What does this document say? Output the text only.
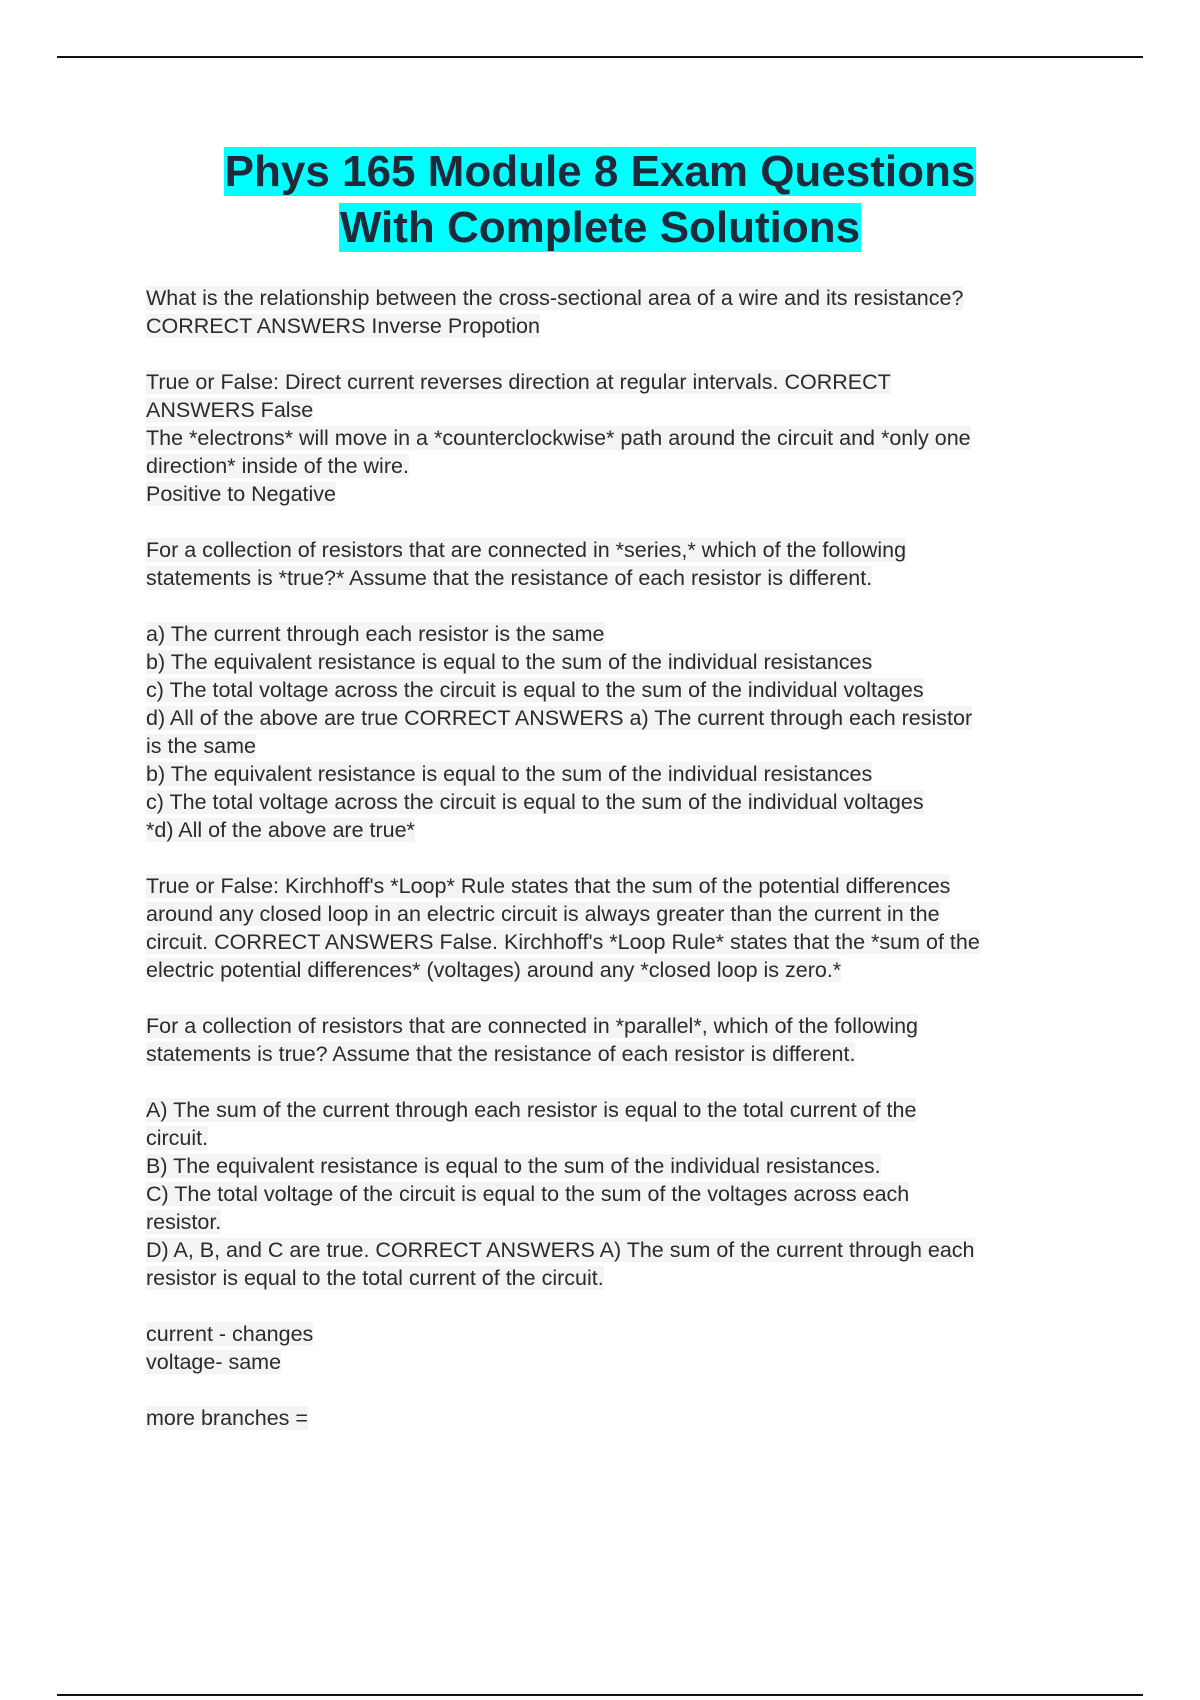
Phys 165 Module 8 Exam Questions
With Complete Solutions
What is the relationship between the cross-sectional area of a wire and its resistance?
CORRECT ANSWERS Inverse Propotion
True or False: Direct current reverses direction at regular intervals. CORRECT
ANSWERS False
The *electrons* will move in a *counterclockwise* path around the circuit and *only one
direction* inside of the wire.
Positive to Negative
For a collection of resistors that are connected in *series,* which of the following
statements is *true?* Assume that the resistance of each resistor is different.
a) The current through each resistor is the same
b) The equivalent resistance is equal to the sum of the individual resistances
c) The total voltage across the circuit is equal to the sum of the individual voltages
d) All of the above are true CORRECT ANSWERS a) The current through each resistor
is the same
b) The equivalent resistance is equal to the sum of the individual resistances
c) The total voltage across the circuit is equal to the sum of the individual voltages
*d) All of the above are true*
True or False: Kirchhoff's *Loop* Rule states that the sum of the potential differences
around any closed loop in an electric circuit is always greater than the current in the
circuit. CORRECT ANSWERS False. Kirchhoff's *Loop Rule* states that the *sum of the
electric potential differences* (voltages) around any *closed loop is zero.*
For a collection of resistors that are connected in *parallel*, which of the following
statements is true? Assume that the resistance of each resistor is different.
A) The sum of the current through each resistor is equal to the total current of the
circuit.
B) The equivalent resistance is equal to the sum of the individual resistances.
C) The total voltage of the circuit is equal to the sum of the voltages across each
resistor.
D) A, B, and C are true. CORRECT ANSWERS A) The sum of the current through each
resistor is equal to the total current of the circuit.
current - changes
voltage- same
more branches =
